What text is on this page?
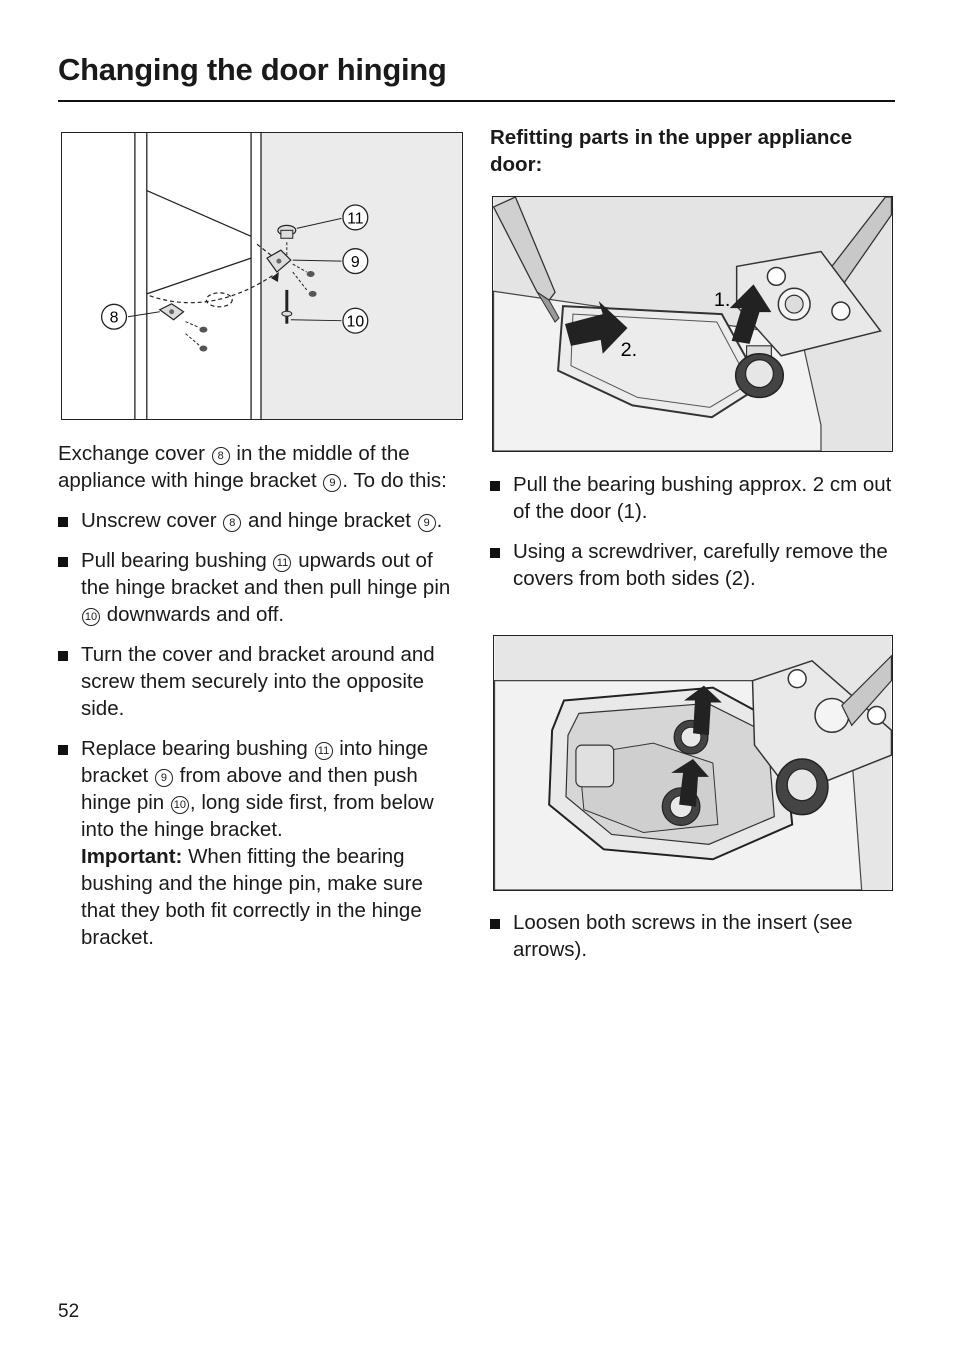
Changing the door hinging
11
9
10
8

Exchange cover 8 in the middle of the appliance with hinge bracket 9 . To do this:

Unscrew cover 8 and hinge bracket 9 .

Pull bearing bushing 11 upwards out of the hinge bracket and then pull hinge pin 10 downwards and off.

Turn the cover and bracket around and screw them securely into the opposite side.

Replace bearing bushing 11 into hinge bracket 9 from above and then push hinge pin 10 , long side first, from below into the hinge bracket.
Important: When fitting the bearing bushing and the hinge pin, make sure that they both fit correctly in the hinge bracket.

Refitting parts in the upper appliance door:

1.
2.

Pull the bearing bushing approx. 2 cm out of the door (1).

Using a screwdriver, carefully remove the covers from both sides (2).

Loosen both screws in the insert (see arrows).

52
